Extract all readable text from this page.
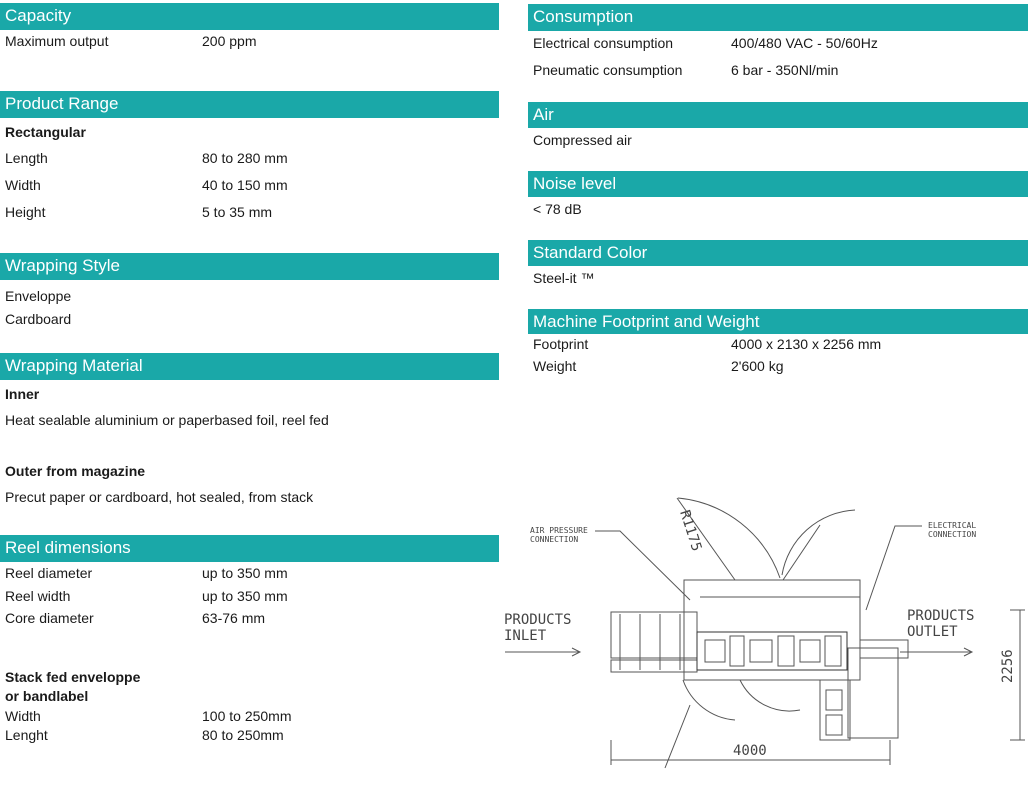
Capacity
Maximum output	200 ppm
Product Range
Rectangular
Length	80 to 280 mm
Width	40 to 150 mm
Height	5 to 35 mm
Wrapping Style
Enveloppe
Cardboard
Wrapping Material
Inner
Heat sealable aluminium or paperbased foil, reel fed
Outer from magazine
Precut paper or cardboard, hot sealed, from stack
Reel dimensions
Reel diameter	up to 350 mm
Reel width	up to 350 mm
Core diameter	63-76 mm
Stack fed enveloppe
or bandlabel
Width	100 to 250mm
Lenght	80 to 250mm
Consumption
Electrical consumption	400/480 VAC - 50/60Hz
Pneumatic consumption	6 bar - 350Nl/min
Air
Compressed air
Noise level
< 78 dB
Standard Color
Steel-it ™
Machine Footprint and Weight
Footprint	4000 x 2130 x 2256 mm
Weight	2'600 kg
AIR PRESSURE
CONNECTION
ELECTRICAL
CONNECTION
PRODUCTS
INLET
PRODUCTS
OUTLET
4000
2256
R1175
